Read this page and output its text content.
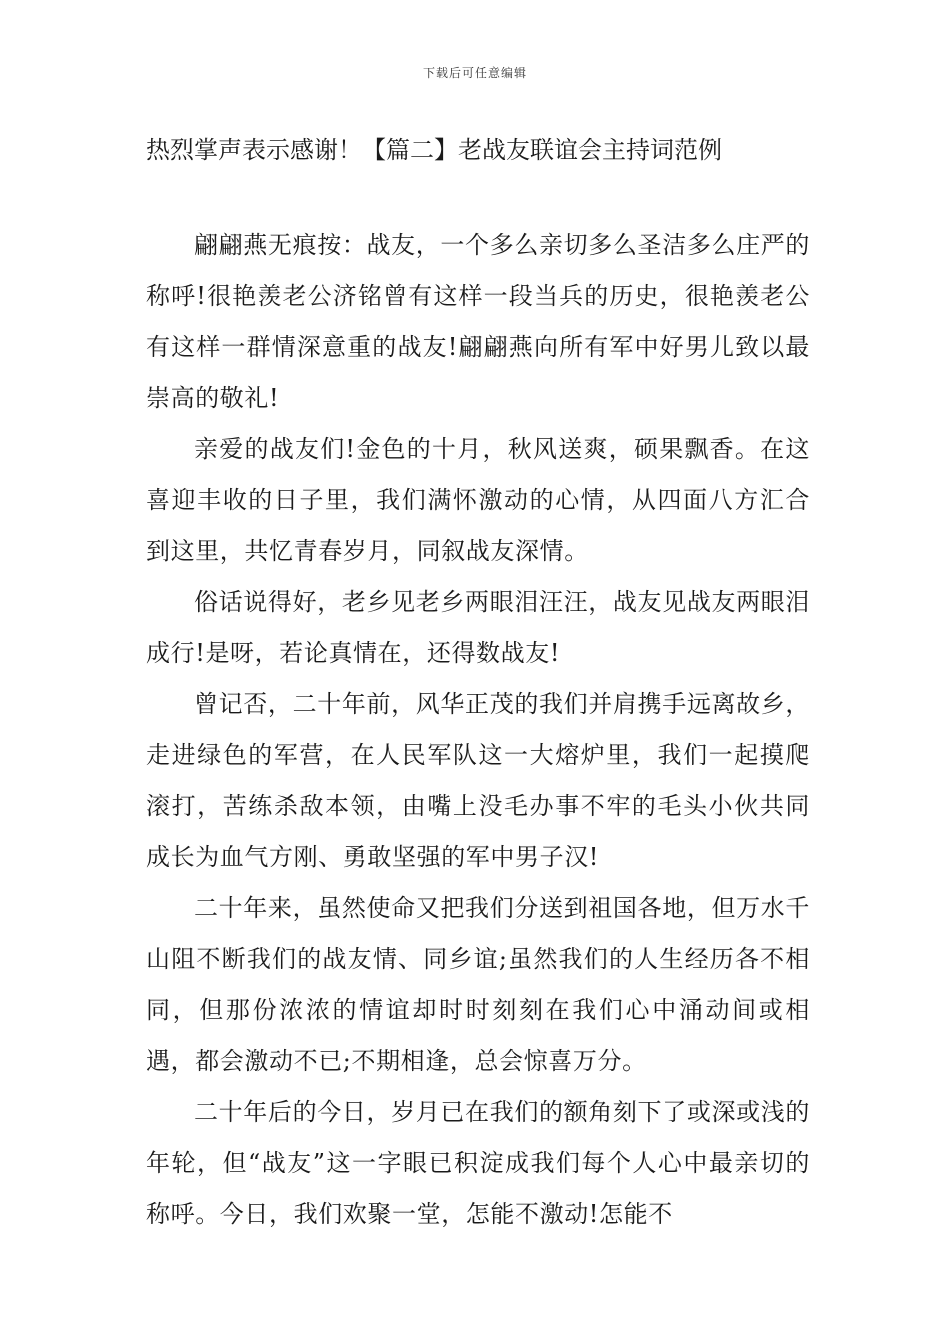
下载后可任意编辑

热烈掌声表示感谢！【篇二】老战友联谊会主持词范例

翩翩燕无痕按：战友，一个多么亲切多么圣洁多么庄严的称呼!很艳羡老公济铭曾有这样一段当兵的历史，很艳羡老公有这样一群情深意重的战友!翩翩燕向所有军中好男儿致以最崇高的敬礼!

亲爱的战友们!金色的十月，秋风送爽，硕果飘香。在这喜迎丰收的日子里，我们满怀激动的心情，从四面八方汇合到这里，共忆青春岁月，同叙战友深情。

俗话说得好，老乡见老乡两眼泪汪汪，战友见战友两眼泪成行!是呀，若论真情在，还得数战友!

曾记否，二十年前，风华正茂的我们并肩携手远离故乡，走进绿色的军营，在人民军队这一大熔炉里，我们一起摸爬滚打，苦练杀敌本领，由嘴上没毛办事不牢的毛头小伙共同成长为血气方刚、勇敢坚强的军中男子汉!

二十年来，虽然使命又把我们分送到祖国各地，但万水千山阻不断我们的战友情、同乡谊;虽然我们的人生经历各不相同，但那份浓浓的情谊却时时刻刻在我们心中涌动间或相遇，都会激动不已;不期相逢，总会惊喜万分。

二十年后的今日，岁月已在我们的额角刻下了或深或浅的年轮，但“战友”这一字眼已积淀成我们每个人心中最亲切的称呼。今日，我们欢聚一堂，怎能不激动!怎能不
